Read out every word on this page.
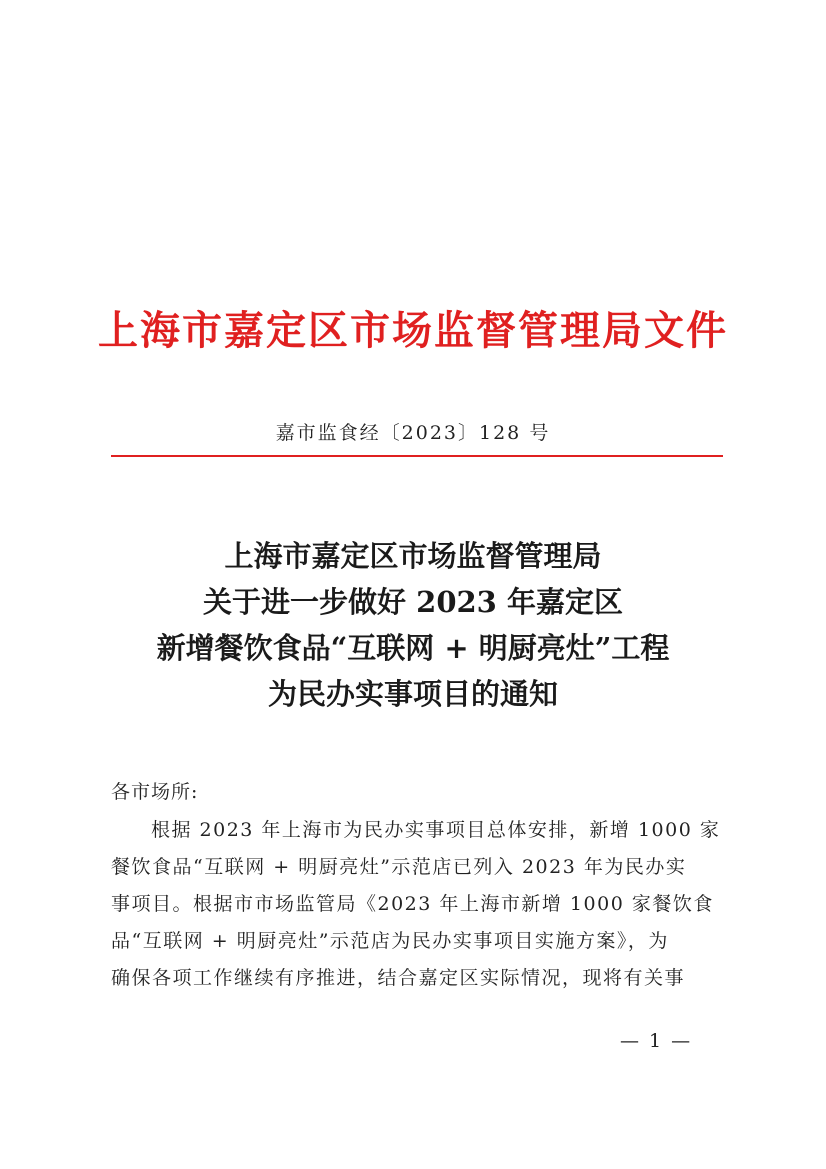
上海市嘉定区市场监督管理局文件
嘉市监食经〔2023〕128 号
上海市嘉定区市场监督管理局
关于进一步做好 2023 年嘉定区
新增餐饮食品“互联网 + 明厨亮灶”工程
为民办实事项目的通知
各市场所:
根据 2023 年上海市为民办实事项目总体安排，新增 1000 家
餐饮食品“互联网 + 明厨亮灶”示范店已列入 2023 年为民办实
事项目。根据市市场监管局《2023 年上海市新增 1000 家餐饮食
品“互联网 + 明厨亮灶”示范店为民办实事项目实施方案》，为
确保各项工作继续有序推进，结合嘉定区实际情况，现将有关事
— 1 —
